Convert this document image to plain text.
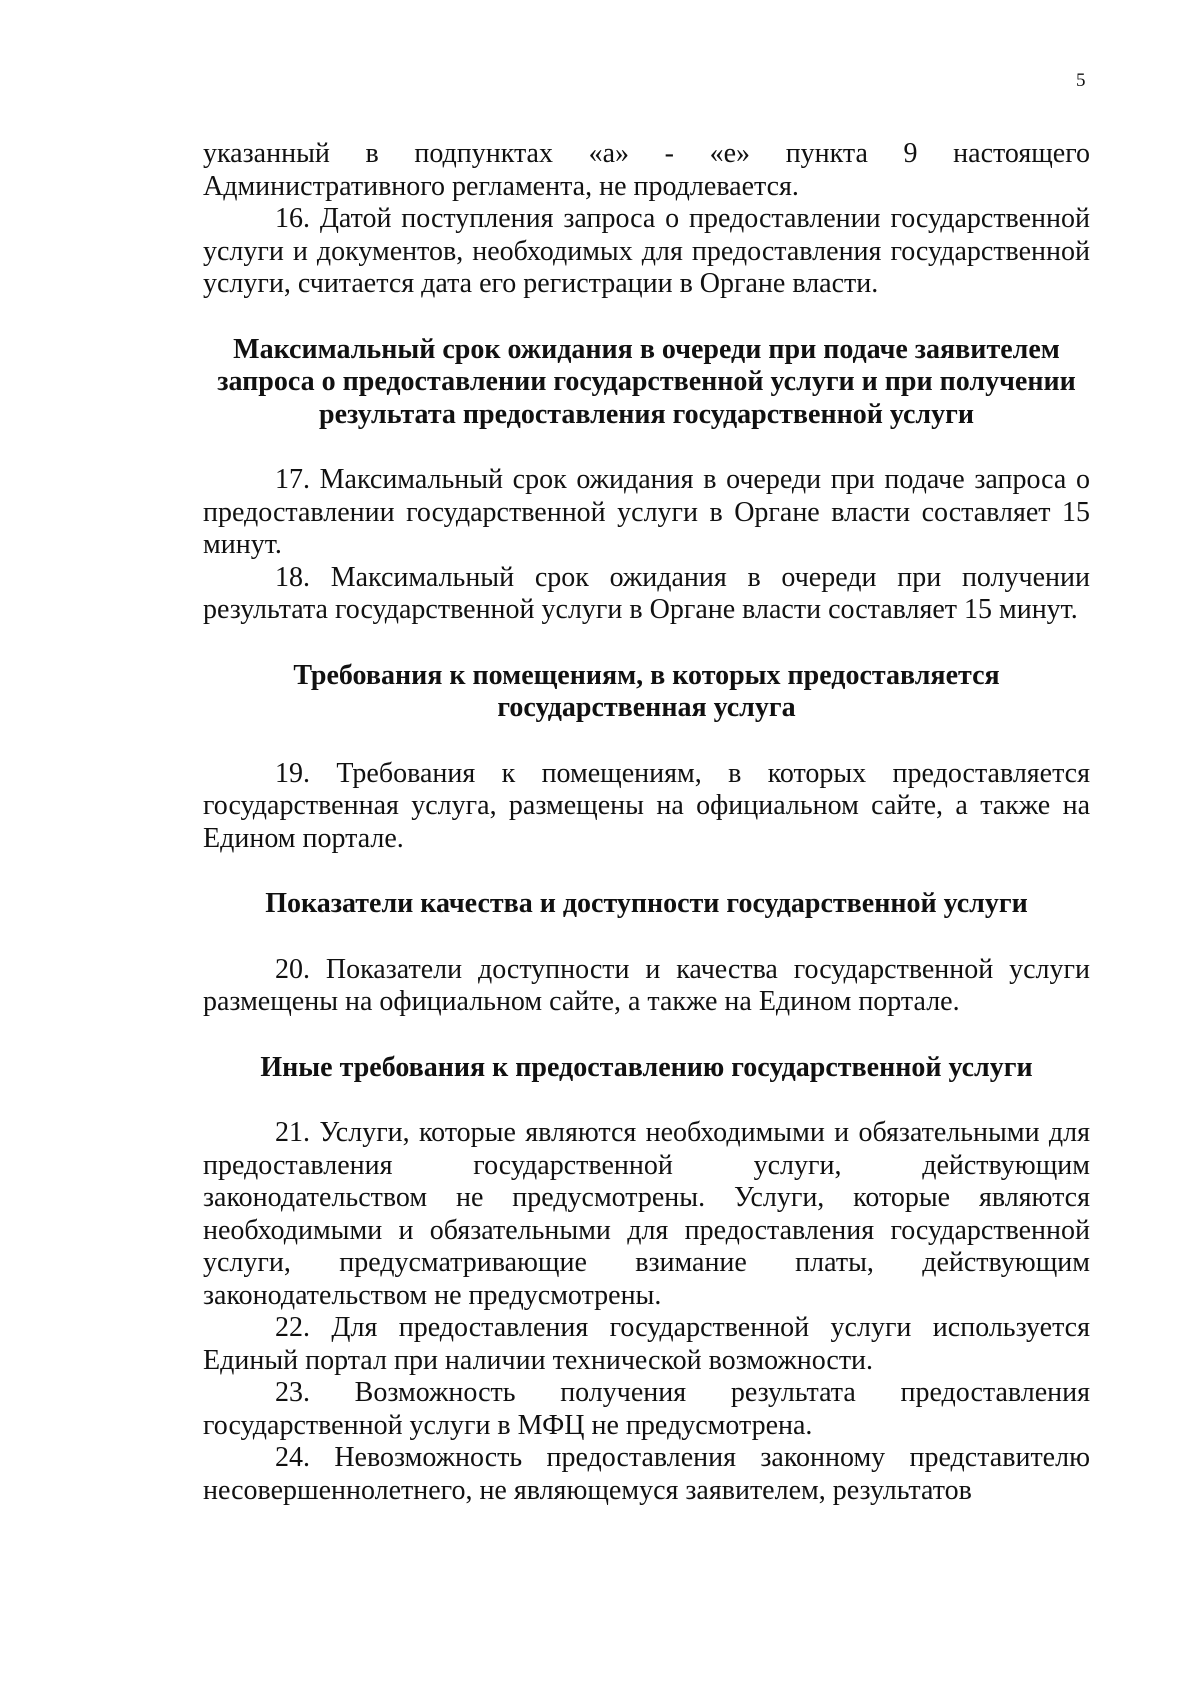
5

указанный в подпунктах «а» - «е» пункта 9 настоящего Административного регламента, не продлевается.

16. Датой поступления запроса о предоставлении государственной услуги и документов, необходимых для предоставления государственной услуги, считается дата его регистрации в Органе власти.

Максимальный срок ожидания в очереди при подаче заявителем запроса о предоставлении государственной услуги и при получении результата предоставления государственной услуги

17. Максимальный срок ожидания в очереди при подаче запроса о предоставлении государственной услуги в Органе власти составляет 15 минут.

18. Максимальный срок ожидания в очереди при получении результата государственной услуги в Органе власти составляет 15 минут.

Требования к помещениям, в которых предоставляется государственная услуга

19. Требования к помещениям, в которых предоставляется государственная услуга, размещены на официальном сайте, а также на Едином портале.

Показатели качества и доступности государственной услуги

20. Показатели доступности и качества государственной услуги размещены на официальном сайте, а также на Едином портале.

Иные требования к предоставлению государственной услуги

21. Услуги, которые являются необходимыми и обязательными для предоставления государственной услуги, действующим законодательством не предусмотрены. Услуги, которые являются необходимыми и обязательными для предоставления государственной услуги, предусматривающие взимание платы, действующим законодательством не предусмотрены.

22. Для предоставления государственной услуги используется Единый портал при наличии технической возможности.

23. Возможность получения результата предоставления государственной услуги в МФЦ не предусмотрена.

24. Невозможность предоставления законному представителю несовершеннолетнего, не являющемуся заявителем, результатов
